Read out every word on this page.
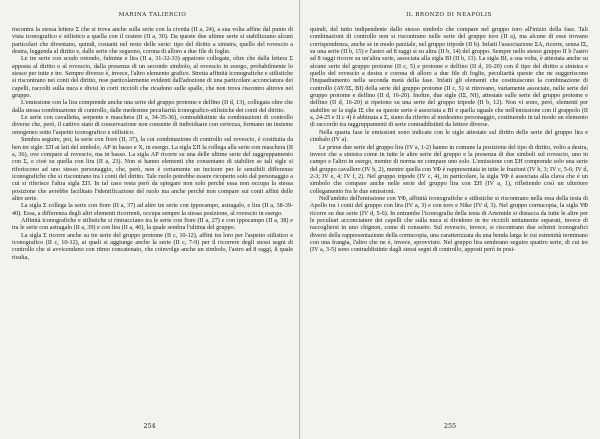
MARINA TALIERCIO

riscontra la stessa lettera Σ che si trova anche sulla serie con la civetta (II a, 24), a sua volta affine dal punto di vista iconografico e stilistico a quella con il cratere (II a, 30). Da queste due ultime serie si stabilizzano alcuni particolari che diventano, quindi, costanti nel resto delle serie: tipo del diritto a sinistra, quello del rovescio a destra, leggenda al diritto e, dalle serie che seguono, corona di alloro a due file di foglie.

Le tre serie con scudo rotondo, fulmine e lira (II a, 31-32-33) appaiono collegate, oltre che dalla lettera Σ apposta al diritto o al rovescio, dalla presenza di un secondo simbolo, al rovescio in esergo, probabilmente lo stesso per tutte e tre. Sempre diverso è, invece, l'altro elemento grafico. Stretta affinità iconografiche e stilistiche si riscontrano nei conii del diritto, rese particolarmente evidenti dall'adozione di una particolare acconciatura dei capelli, raccolti sulla nuca e divisi in corti riccioli che ricadono sulle spalle, che non trova riscontro altrove nel gruppo.

L'emissione con la lira comprende anche una serie del gruppo protome e delfino (II d, 13), collegata oltre che dalla stessa combinazione di controllo, dalle medesime peculiarità iconografico-stilistiche dei conii del diritto.

Le serie con cavalletta, serpente e maschera (II a, 34-35-36), contraddistinte da combinazioni di controllo diverse che, però, il cattivo stato di conservazione non consente di individuare con certezza, formano un insieme omogeneo sotto l'aspetto iconografico e stilistico.

Sembra seguire, poi, la serie con fiore (II, 37), la cui combinazione di controllo sul rovescio, è costituita da ben tre sigle: ΣΠ ai lati del simbolo, ΑΡ in basso e Χ, in esergo. La sigla ΣΠ la collega alla serie con maschera (II a, 36), ove compare al rovescio, ma in basso. La sigla ΑΡ ricorre su una delle ultime serie del raggruppamento con Σ, e cioè su quella con lira (II a, 23). Non si hanno elementi che consentano di stabilire se tali sigle si riferiscono ad uno stesso personaggio, che, però, non è certamente un incisore per le sensibili differenze iconografiche che si riscontrano tra i conii del diritto. Tale ruolo potrebbe essere ricoperto solo dal personaggio a cui si riferisce l'altra sigla ΣΠ. In tal caso resta però da spiegare non solo perché essa non occupa la stessa posizione che avrebbe facilitato l'identificazione del ruolo ma anche perché non compare sui conii affini delle altre serie.

La sigla Σ collega la serie con fiore (II a, 37) ad altre tre serie con ippocampo, astragalo, e lira (II a, 38-39-40). Essa, a differenza degli altri elementi ricorrenti, occupa sempre la stessa posizione, al rovescio in esergo.

Affinità iconografiche e stilistiche si rintracciano tra le serie con fiore (II a, 27) e con ippocampo (II a, 38) e tra le serie con astragalo (II a, 39) e con lira (II a, 40), la quale sembra l'ultima del gruppo.

La sigla Σ ricorre anche su tre serie del gruppo protome (II c, 10-12), affini tra loro per l'aspetto stilistico e iconografico (II c, 10-12), ai quali si aggiunge anche la serie (II c, 7-9) per il ricorrere degli stessi segni di controllo che si avvicendano con ritmo concatenato, che coinvolge anche un simbolo, l'astro ad 8 raggi, il quale risulta,

254
IL BRONZO DI NEAPOLIS

quindi, del tutto indipendente dallo stesso simbolo che compare nel gruppo toro all'inizio della fase. Tali combinazioni di controllo non si riscontrano nelle serie del gruppo toro (II a), ma alcune di esse trovano corrispondenza, anche se in modo parziale, nel gruppo tripode (II b). Infatti l'associazione ΣΑ, ricorre, senza ΙΣ, su una serie (II b, 15) e l'astro ad 8 raggi si su altra (II b, 14) del gruppo. Sempre nello stesso gruppo II b l'astro ad 8 raggi ricorre su un'altra serie, associata alla sigla ΒΙ (II b, 13). La sigla ΒΙ, a sua volta, è attestata anche su alcune serie del gruppo protome (II c, 5) e protome e delfino (II d, 16-20) con il tipo del diritto a sinistra e quello del rovescio a destra e corona di alloro a due file di foglie, peculiarità queste che ne suggeriscono l'inquadramento nella seconda metà della fase. Infatti gli elementi che costituiscono la combinazione di controllo (ΑΥ/ΙΣ, ΒΙ) della serie del gruppo protome (II c, 5) si ritrovano, variamente associate, nelle serie del gruppo protome e delfino (II d, 16-20). Inoltre, due sigle (ΙΣ, ΝΙ), attestate sulle serie del gruppo protome e delfino (II d, 16-20) si ripetono su una serie del gruppo tripode (II b, 12). Non vi sono, però, elementi per stabilire se la sigla ΙΣ che su queste serie è associata a ΒΙ e quella uguale che nell'emissione con il grappolo (II a, 24-25 e II c 4) è abbinata a Σ, siano da riferire al medesimo personaggio, costituendo in tal modo un elemento di raccordo tra raggruppamenti di serie contraddistinti da lettere diverse.

Nella quarta fase le emissioni sono indicate con le sigle attestate sul diritto delle serie del gruppo lira e cimbalo (IV a).

Le prime due serie del gruppo lira (IV a, 1-2) hanno in comune la posizione del tipo di diritto, volto a destra, invece che a sinistra come in tutte le altre serie del gruppo e la presenza di due simboli sul rovescio, uno in campo e l'altro in esergo, mentre di norma ne compare uno solo. L'emissione con ΣΗ comprende solo una serie del gruppo cavallere (IV b, 2), mentre quella con ΥΦ è rappresentata in tutte le frazioni (IV b, 3; IV c, 5-6; IV d, 2-3; IV e, 4; IV f, 2). Nel gruppo tripode (IV c, 4), in particolare, la sigla ΥΦ è associata alla clava che è un simbolo che compare anche nelle serie del gruppo lira con ΣΗ (IV a, 1), riflettendo così un ulteriore collegamento fra le due emissioni.

Nell'ambito dell'emissione con ΥΦ, affinità iconografiche e stilistiche si riscontrano nella resa della testa di Apollo tra i conii del gruppo con lira (IV a, 3) e con toro e Nike (IV d, 3). Nel gruppo cornucopia, la sigla ΥΦ ricorre su due serie (IV d, 5-6). In entrambe l'iconografia della testa di Artemide si distacca da tutte le altre per le peculiari acconciature dei capelli che sulla nuca si dividono in tre riccioli nettamente separati, invece di raccogliersi in uno chignon, come di consueto. Sul rovescio, invece, si riscontrano due schemi iconografici diversi della rappresentazione della cornucopia, una caratterizzata da una benda larga le cui estremità terminano con una frangia, l'altro che ne è, invece, sprovvisto. Nel gruppo lira sembrano seguire quattro serie, di cui tre (IV a, 3-5) sono contraddistinte dagli stessi segni di controllo, apposti però in posi-

255
